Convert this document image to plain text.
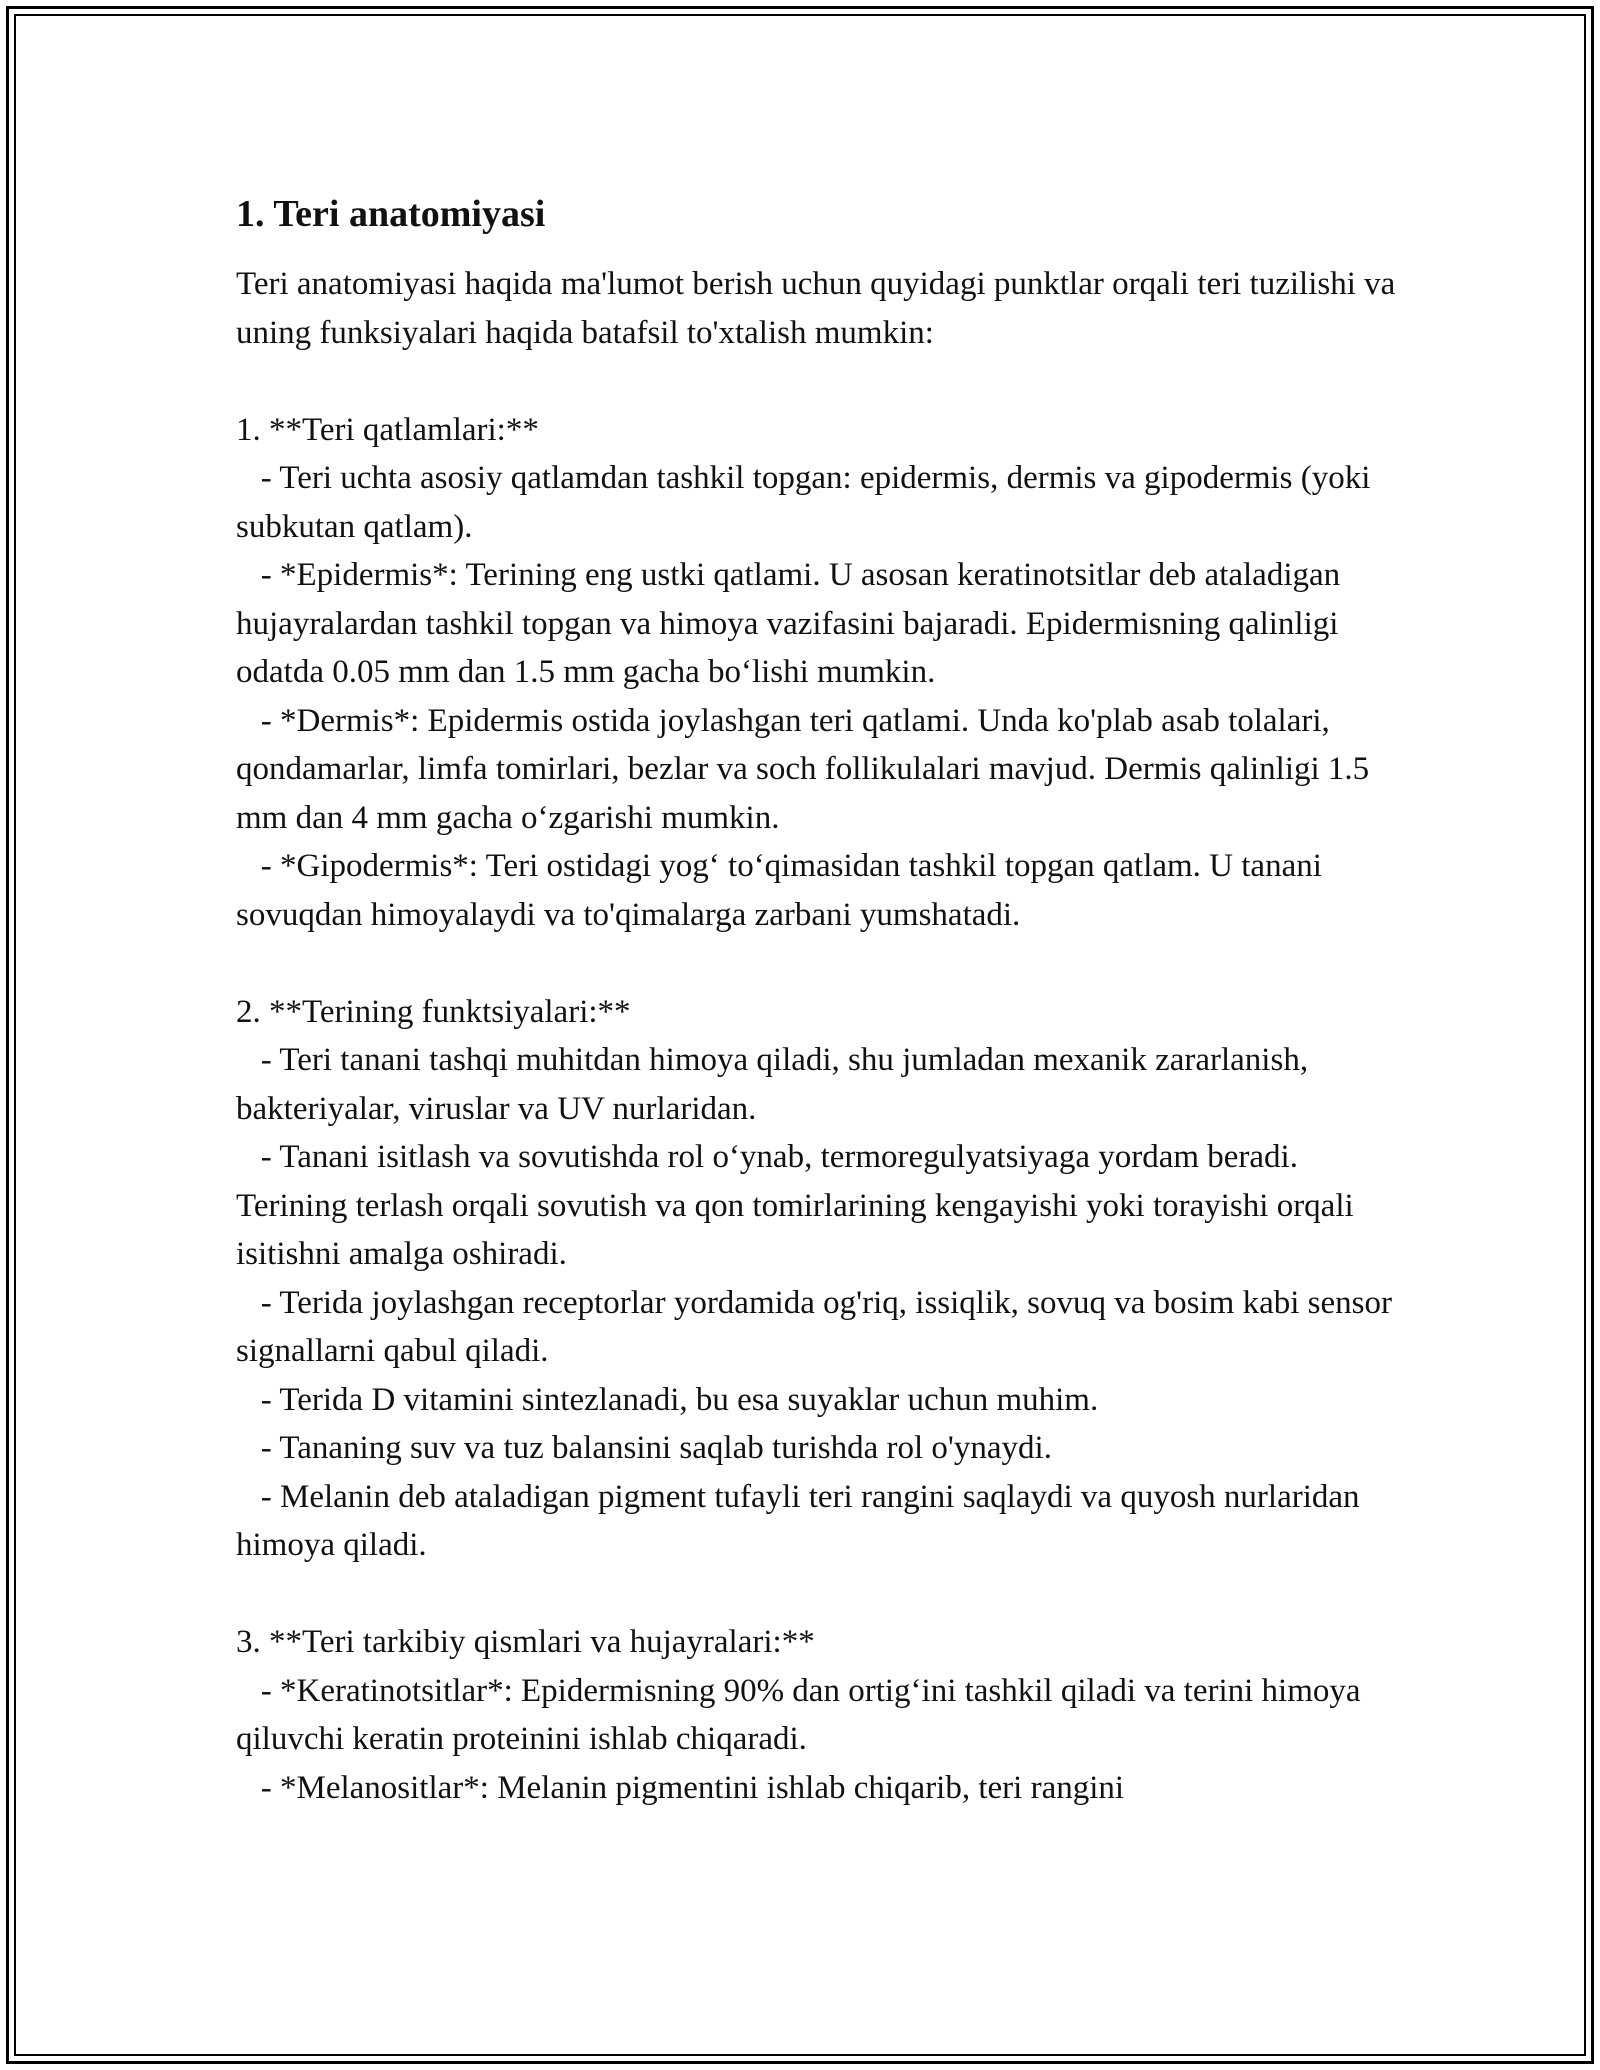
1. Teri anatomiyasi

Teri anatomiyasi haqida ma'lumot berish uchun quyidagi punktlar orqali teri tuzilishi va uning funksiyalari haqida batafsil to'xtalish mumkin:

1. **Teri qatlamlari:**
- Teri uchta asosiy qatlamdan tashkil topgan: epidermis, dermis va gipodermis (yoki subkutan qatlam).
- *Epidermis*: Terining eng ustki qatlami. U asosan keratinotsitlar deb ataladigan hujayralardan tashkil topgan va himoya vazifasini bajaradi. Epidermisning qalinligi odatda 0.05 mm dan 1.5 mm gacha bo‘lishi mumkin.
- *Dermis*: Epidermis ostida joylashgan teri qatlami. Unda ko'plab asab tolalari, qondamarlar, limfa tomirlari, bezlar va soch follikulalari mavjud. Dermis qalinligi 1.5 mm dan 4 mm gacha o‘zgarishi mumkin.
- *Gipodermis*: Teri ostidagi yog‘ to‘qimasidan tashkil topgan qatlam. U tanani sovuqdan himoyalaydi va to'qimalarga zarbani yumshatadi.
2. **Terining funktsiyalari:**
- Teri tanani tashqi muhitdan himoya qiladi, shu jumladan mexanik zararlanish, bakteriyalar, viruslar va UV nurlaridan.
- Tanani isitlash va sovutishda rol o‘ynab, termoregulyatsiyaga yordam beradi. Terining terlash orqali sovutish va qon tomirlarining kengayishi yoki torayishi orqali isitishni amalga oshiradi.
- Terida joylashgan receptorlar yordamida og'riq, issiqlik, sovuq va bosim kabi sensor signallarni qabul qiladi.
- Terida D vitamini sintezlanadi, bu esa suyaklar uchun muhim.
- Tananing suv va tuz balansini saqlab turishda rol o'ynaydi.
- Melanin deb ataladigan pigment tufayli teri rangini saqlaydi va quyosh nurlaridan himoya qiladi.
3. **Teri tarkibiy qismlari va hujayralari:**
- *Keratinotsitlar*: Epidermisning 90% dan ortig‘ini tashkil qiladi va terini himoya qiluvchi keratin proteinini ishlab chiqaradi.
- *Melanositlar*: Melanin pigmentini ishlab chiqarib, teri rangini
